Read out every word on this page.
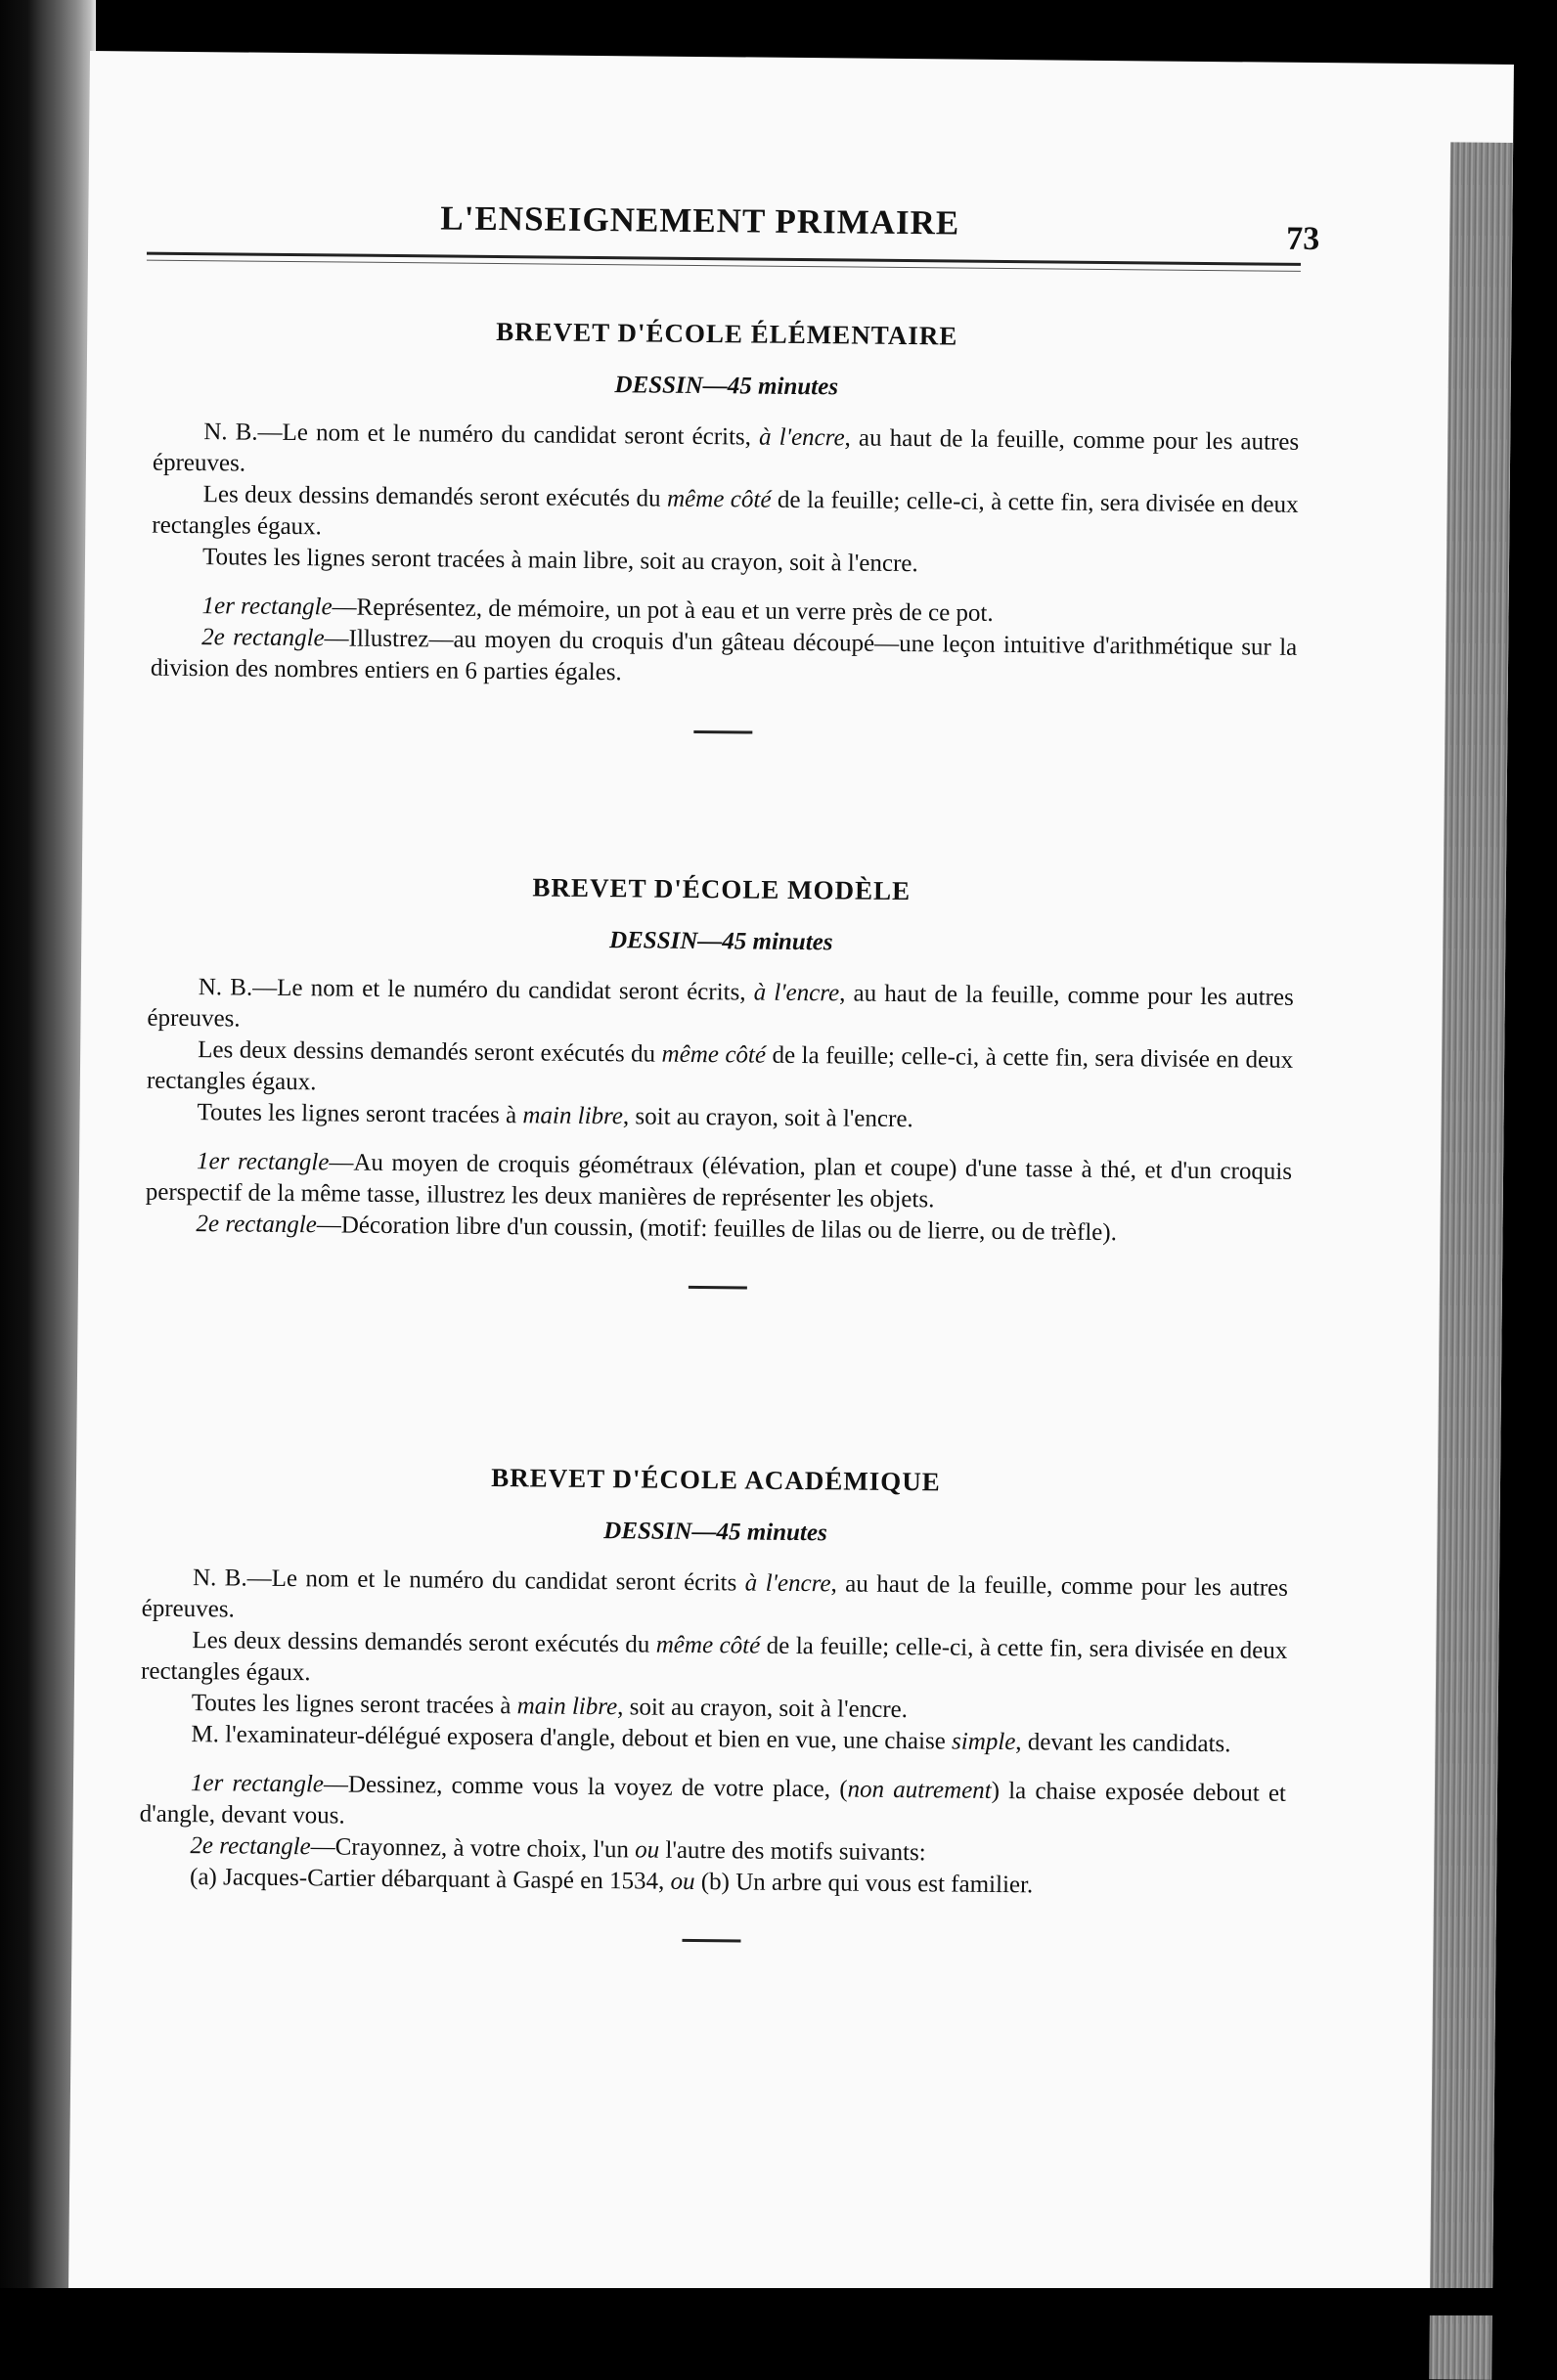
L'ENSEIGNEMENT PRIMAIRE	73
BREVET D'ÉCOLE ÉLÉMENTAIRE
DESSIN—45 minutes

N. B.—Le nom et le numéro du candidat seront écrits, à l'encre, au haut de la feuille, comme pour les autres épreuves.

Les deux dessins demandés seront exécutés du même côté de la feuille; celle-ci, à cette fin, sera divisée en deux rectangles égaux.

Toutes les lignes seront tracées à main libre, soit au crayon, soit à l'encre.

1er rectangle—Représentez, de mémoire, un pot à eau et un verre près de ce pot.

2e rectangle—Illustrez—au moyen du croquis d'un gâteau découpé—une leçon intuitive d'arithmétique sur la division des nombres entiers en 6 parties égales.

BREVET D'ÉCOLE MODÈLE
DESSIN—45 minutes

N. B.—Le nom et le numéro du candidat seront écrits, à l'encre, au haut de la feuille, comme pour les autres épreuves.

Les deux dessins demandés seront exécutés du même côté de la feuille; celle-ci, à cette fin, sera divisée en deux rectangles égaux.

Toutes les lignes seront tracées à main libre, soit au crayon, soit à l'encre.

1er rectangle—Au moyen de croquis géométraux (élévation, plan et coupe) d'une tasse à thé, et d'un croquis perspectif de la même tasse, illustrez les deux manières de représenter les objets.

2e rectangle—Décoration libre d'un coussin, (motif: feuilles de lilas ou de lierre, ou de trèfle).

BREVET D'ÉCOLE ACADÉMIQUE
DESSIN—45 minutes

N. B.—Le nom et le numéro du candidat seront écrits à l'encre, au haut de la feuille, comme pour les autres épreuves.

Les deux dessins demandés seront exécutés du même côté de la feuille; celle-ci, à cette fin, sera divisée en deux rectangles égaux.

Toutes les lignes seront tracées à main libre, soit au crayon, soit à l'encre.

M. l'examinateur-délégué exposera d'angle, debout et bien en vue, une chaise simple, devant les candidats.

1er rectangle—Dessinez, comme vous la voyez de votre place, (non autrement) la chaise exposée debout et d'angle, devant vous.

2e rectangle—Crayonnez, à votre choix, l'un ou l'autre des motifs suivants:

(a) Jacques-Cartier débarquant à Gaspé en 1534, ou (b) Un arbre qui vous est familier.
